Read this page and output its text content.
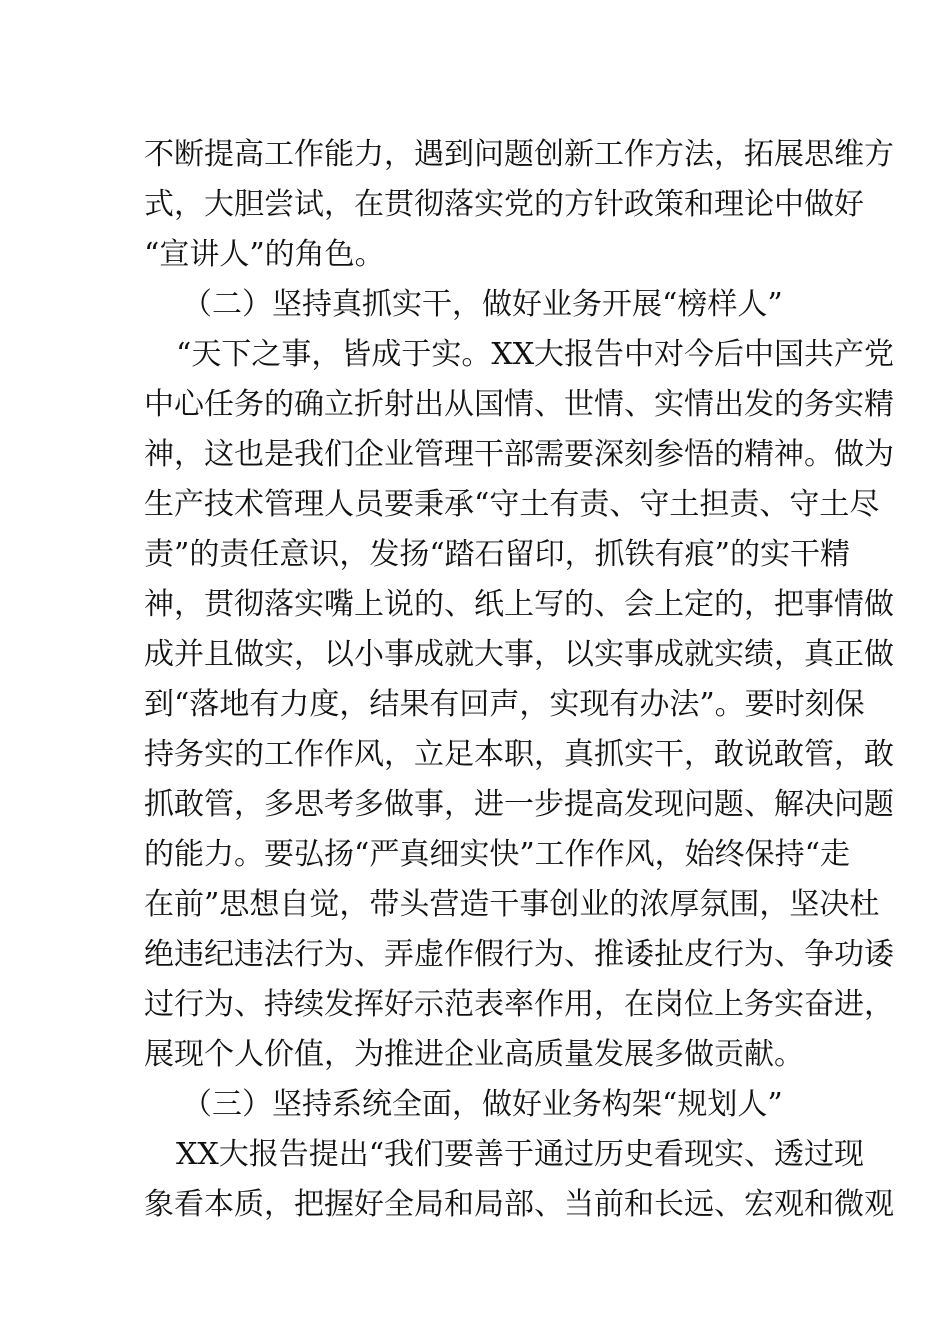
不断提高工作能力，遇到问题创新工作方法，拓展思维方
式，大胆尝试，在贯彻落实党的方针政策和理论中做好
“宣讲人”的角色。
（二）坚持真抓实干，做好业务开展“榜样人”
“天下之事，皆成于实。XX大报告中对今后中国共产党
中心任务的确立折射出从国情、世情、实情出发的务实精
神，这也是我们企业管理干部需要深刻参悟的精神。做为
生产技术管理人员要秉承“守土有责、守土担责、守土尽
责”的责任意识，发扬“踏石留印，抓铁有痕”的实干精
神，贯彻落实嘴上说的、纸上写的、会上定的，把事情做
成并且做实，以小事成就大事，以实事成就实绩，真正做
到“落地有力度，结果有回声，实现有办法”。要时刻保
持务实的工作作风，立足本职，真抓实干，敢说敢管，敢
抓敢管，多思考多做事，进一步提高发现问题、解决问题
的能力。要弘扬“严真细实快”工作作风，始终保持“走
在前”思想自觉，带头营造干事创业的浓厚氛围，坚决杜
绝违纪违法行为、弄虚作假行为、推诿扯皮行为、争功诿
过行为、持续发挥好示范表率作用，在岗位上务实奋进，
展现个人价值，为推进企业高质量发展多做贡献。
（三）坚持系统全面，做好业务构架“规划人”
XX大报告提出“我们要善于通过历史看现实、透过现
象看本质，把握好全局和局部、当前和长远、宏观和微观
